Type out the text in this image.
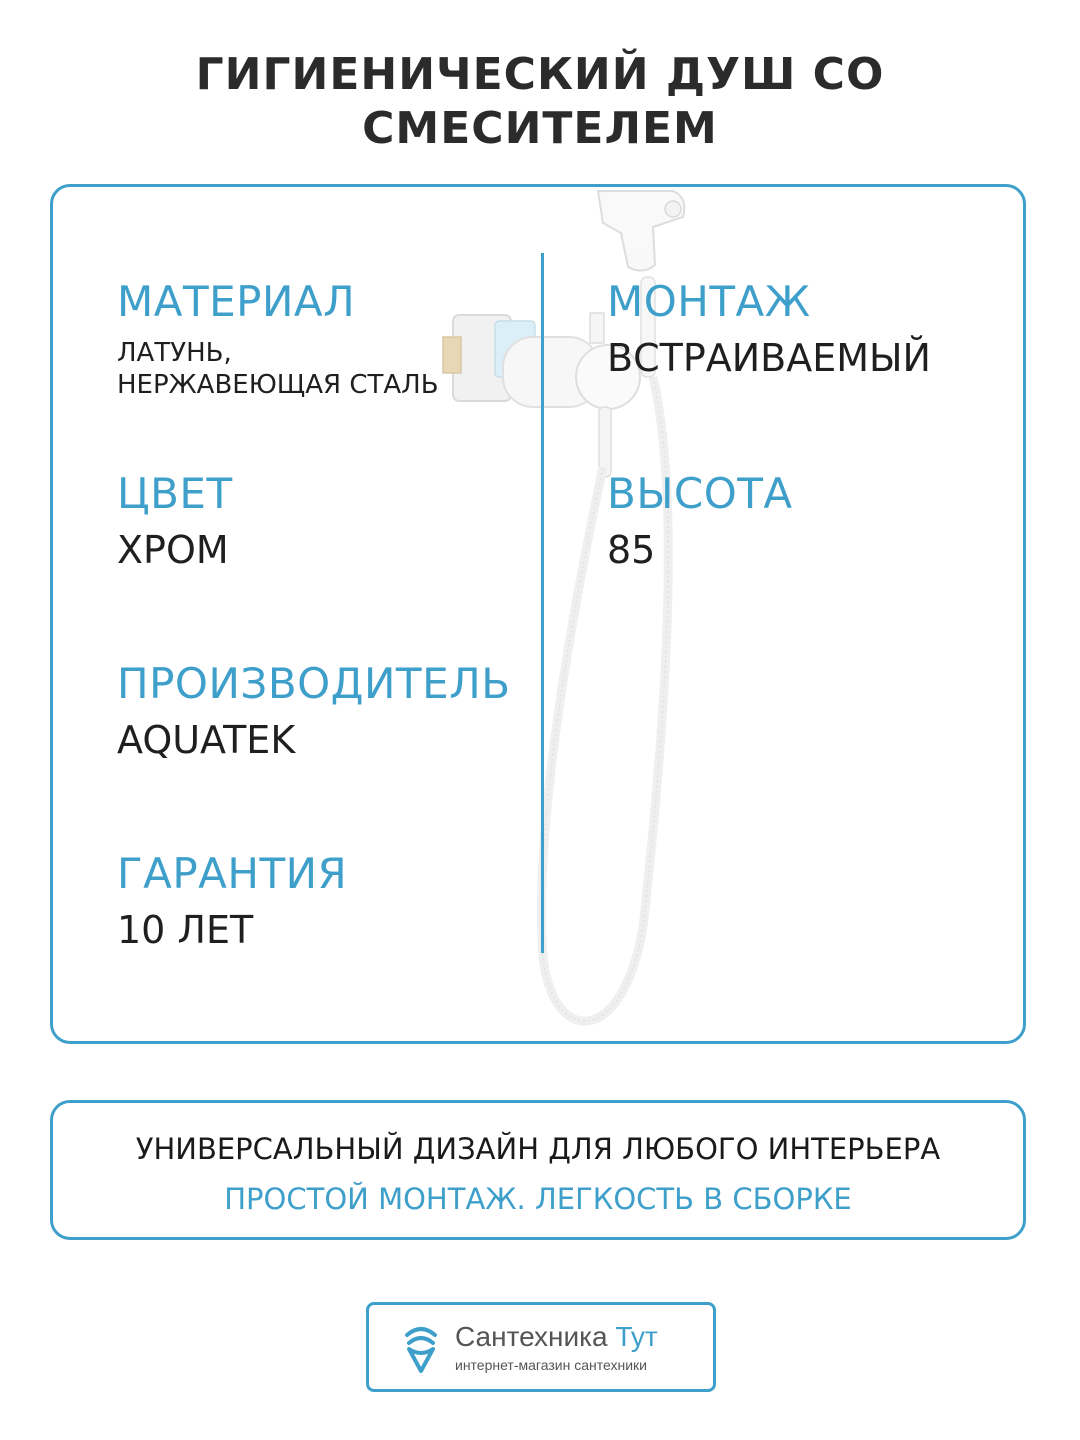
ГИГИЕНИЧЕСКИЙ ДУШ СО
СМЕСИТЕЛЕМ
МАТЕРИАЛ
ЛАТУНЬ,
НЕРЖАВЕЮЩАЯ СТАЛЬ
МОНТАЖ
ВСТРАИВАЕМЫЙ
ЦВЕТ
ХРОМ
ВЫСОТА
85
ПРОИЗВОДИТЕЛЬ
AQUATEK
ГАРАНТИЯ
10 ЛЕТ
УНИВЕРСАЛЬНЫЙ ДИЗАЙН ДЛЯ ЛЮБОГО ИНТЕРЬЕРА
ПРОСТОЙ МОНТАЖ. ЛЕГКОСТЬ В СБОРКЕ
Сантехника Тут
интернет-магазин сантехники
